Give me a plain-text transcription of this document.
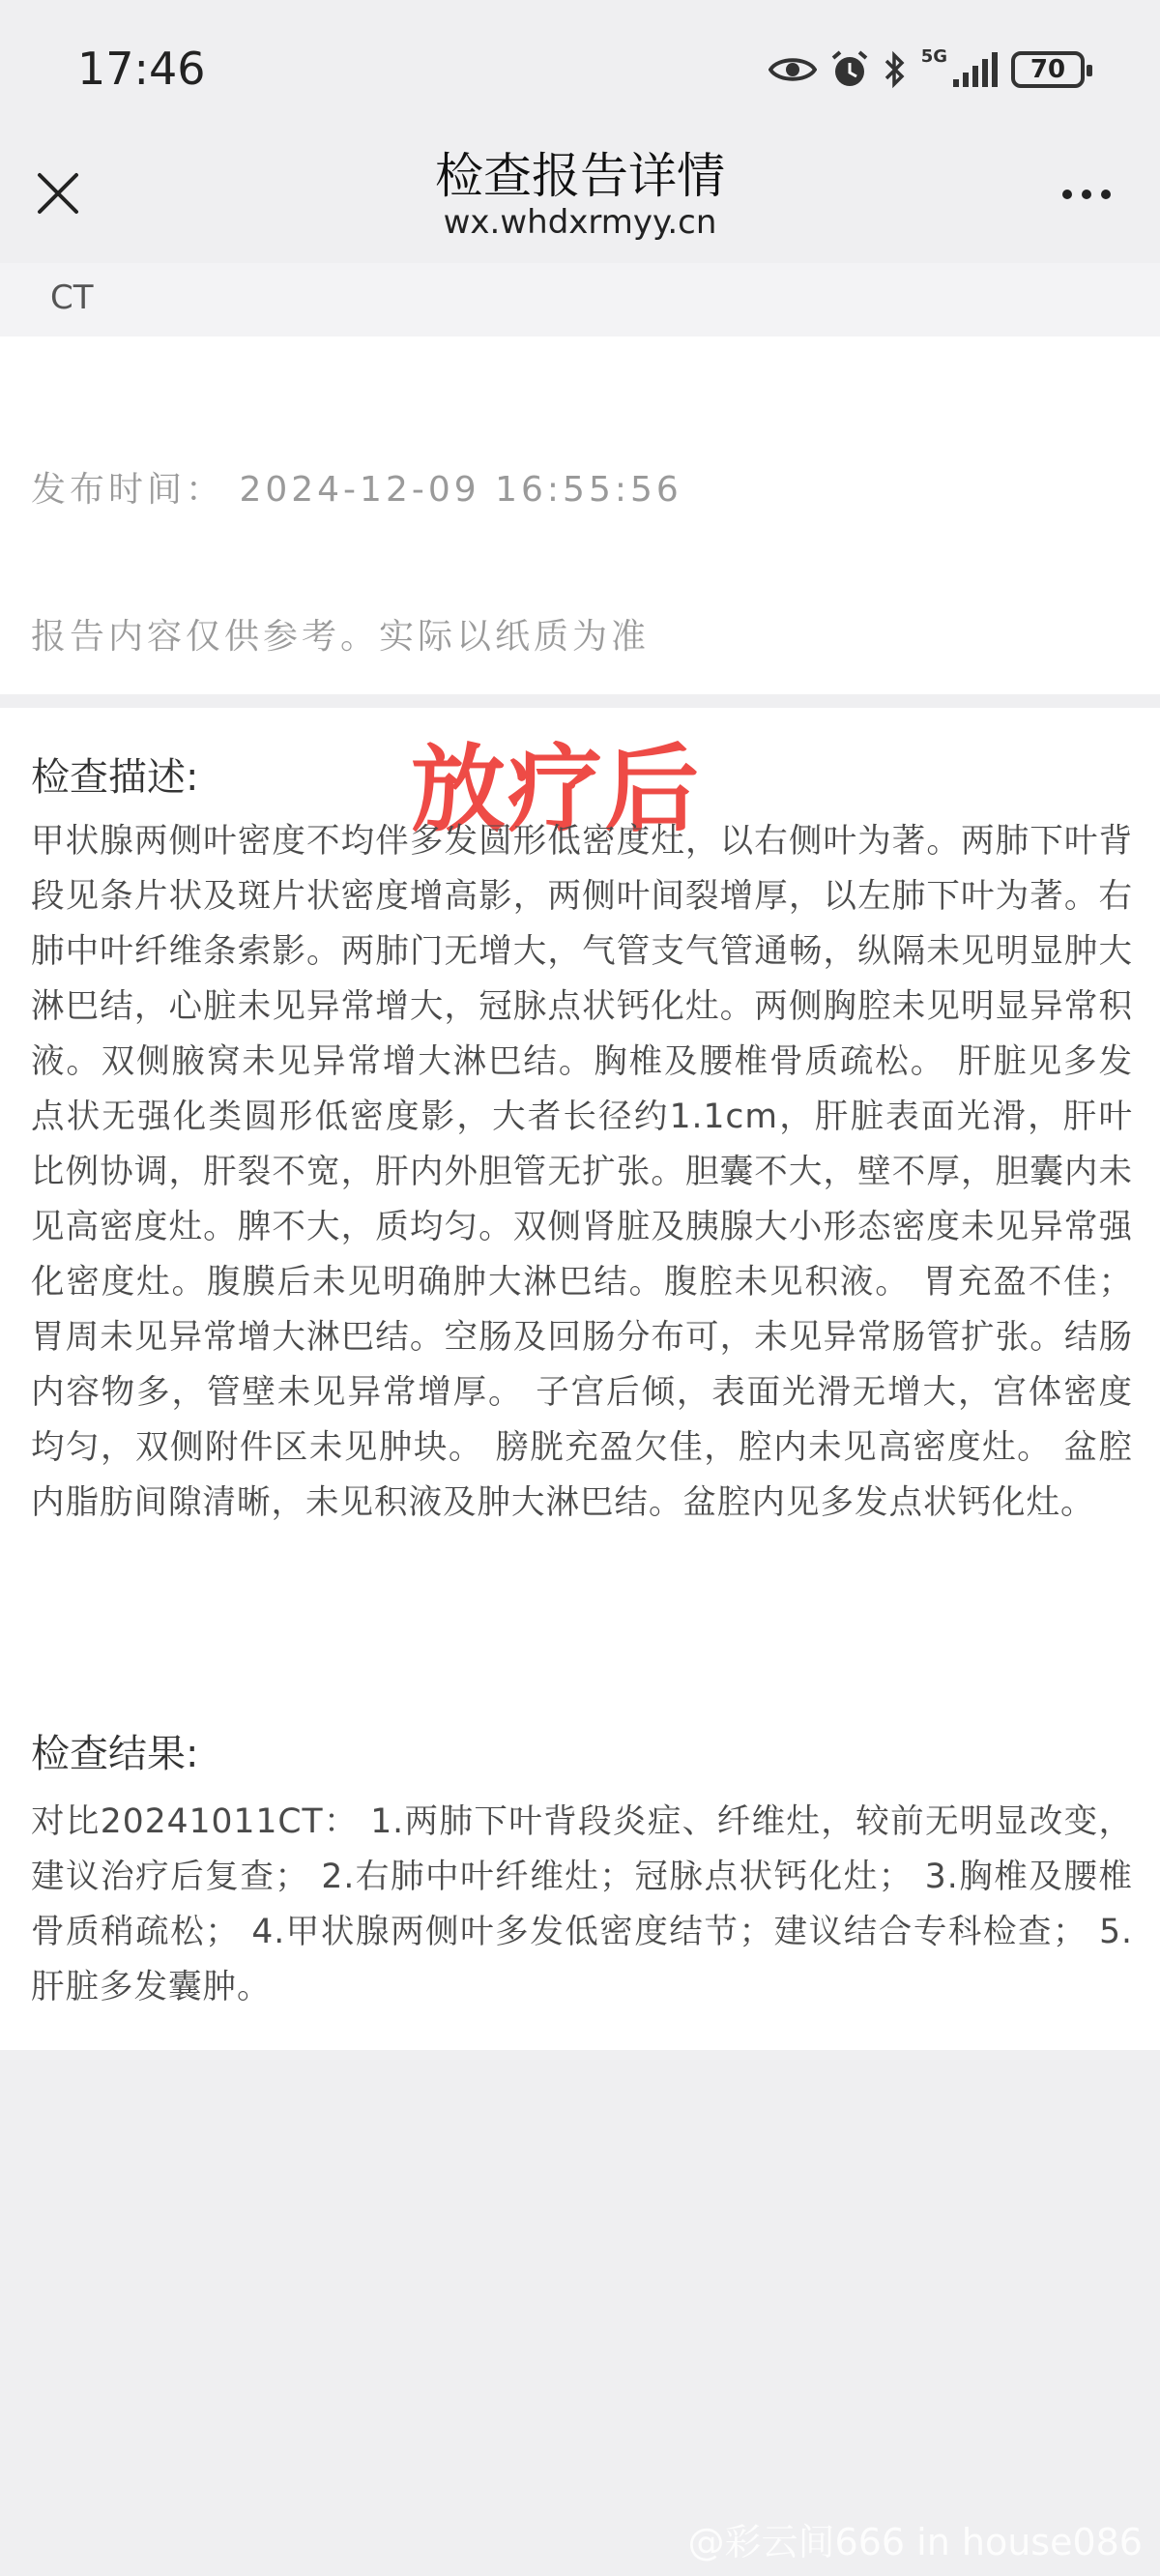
17:46	5G	70
检查报告详情
wx.whdxrmyy.cn
CT
发布时间： 2024-12-09 16:55:56
报告内容仅供参考。实际以纸质为准
检查描述: 放疗后

甲状腺两侧叶密度不均伴多发圆形低密度灶，以右侧叶为著。两肺下叶背段见条片状及斑片状密度增高影，两侧叶间裂增厚，以左肺下叶为著。右肺中叶纤维条索影。两肺门无增大，气管支气管通畅，纵隔未见明显肿大淋巴结，心脏未见异常增大，冠脉点状钙化灶。两侧胸腔未见明显异常积液。双侧腋窝未见异常增大淋巴结。胸椎及腰椎骨质疏松。 肝脏见多发点状无强化类圆形低密度影，大者长径约1.1cm，肝脏表面光滑，肝叶比例协调，肝裂不宽，肝内外胆管无扩张。胆囊不大，壁不厚，胆囊内未见高密度灶。脾不大，质均匀。双侧肾脏及胰腺大小形态密度未见异常强化密度灶。腹膜后未见明确肿大淋巴结。腹腔未见积液。 胃充盈不佳；胃周未见异常增大淋巴结。空肠及回肠分布可，未见异常肠管扩张。结肠内容物多，管壁未见异常增厚。 子宫后倾，表面光滑无增大，宫体密度均匀，双侧附件区未见肿块。 膀胱充盈欠佳，腔内未见高密度灶。 盆腔内脂肪间隙清晰，未见积液及肿大淋巴结。盆腔内见多发点状钙化灶。

检查结果:

对比20241011CT： 1.两肺下叶背段炎症、纤维灶，较前无明显改变，建议治疗后复查； 2.右肺中叶纤维灶；冠脉点状钙化灶； 3.胸椎及腰椎骨质稍疏松； 4.甲状腺两侧叶多发低密度结节；建议结合专科检查； 5.肝脏多发囊肿。

@彩云间666 in house086
